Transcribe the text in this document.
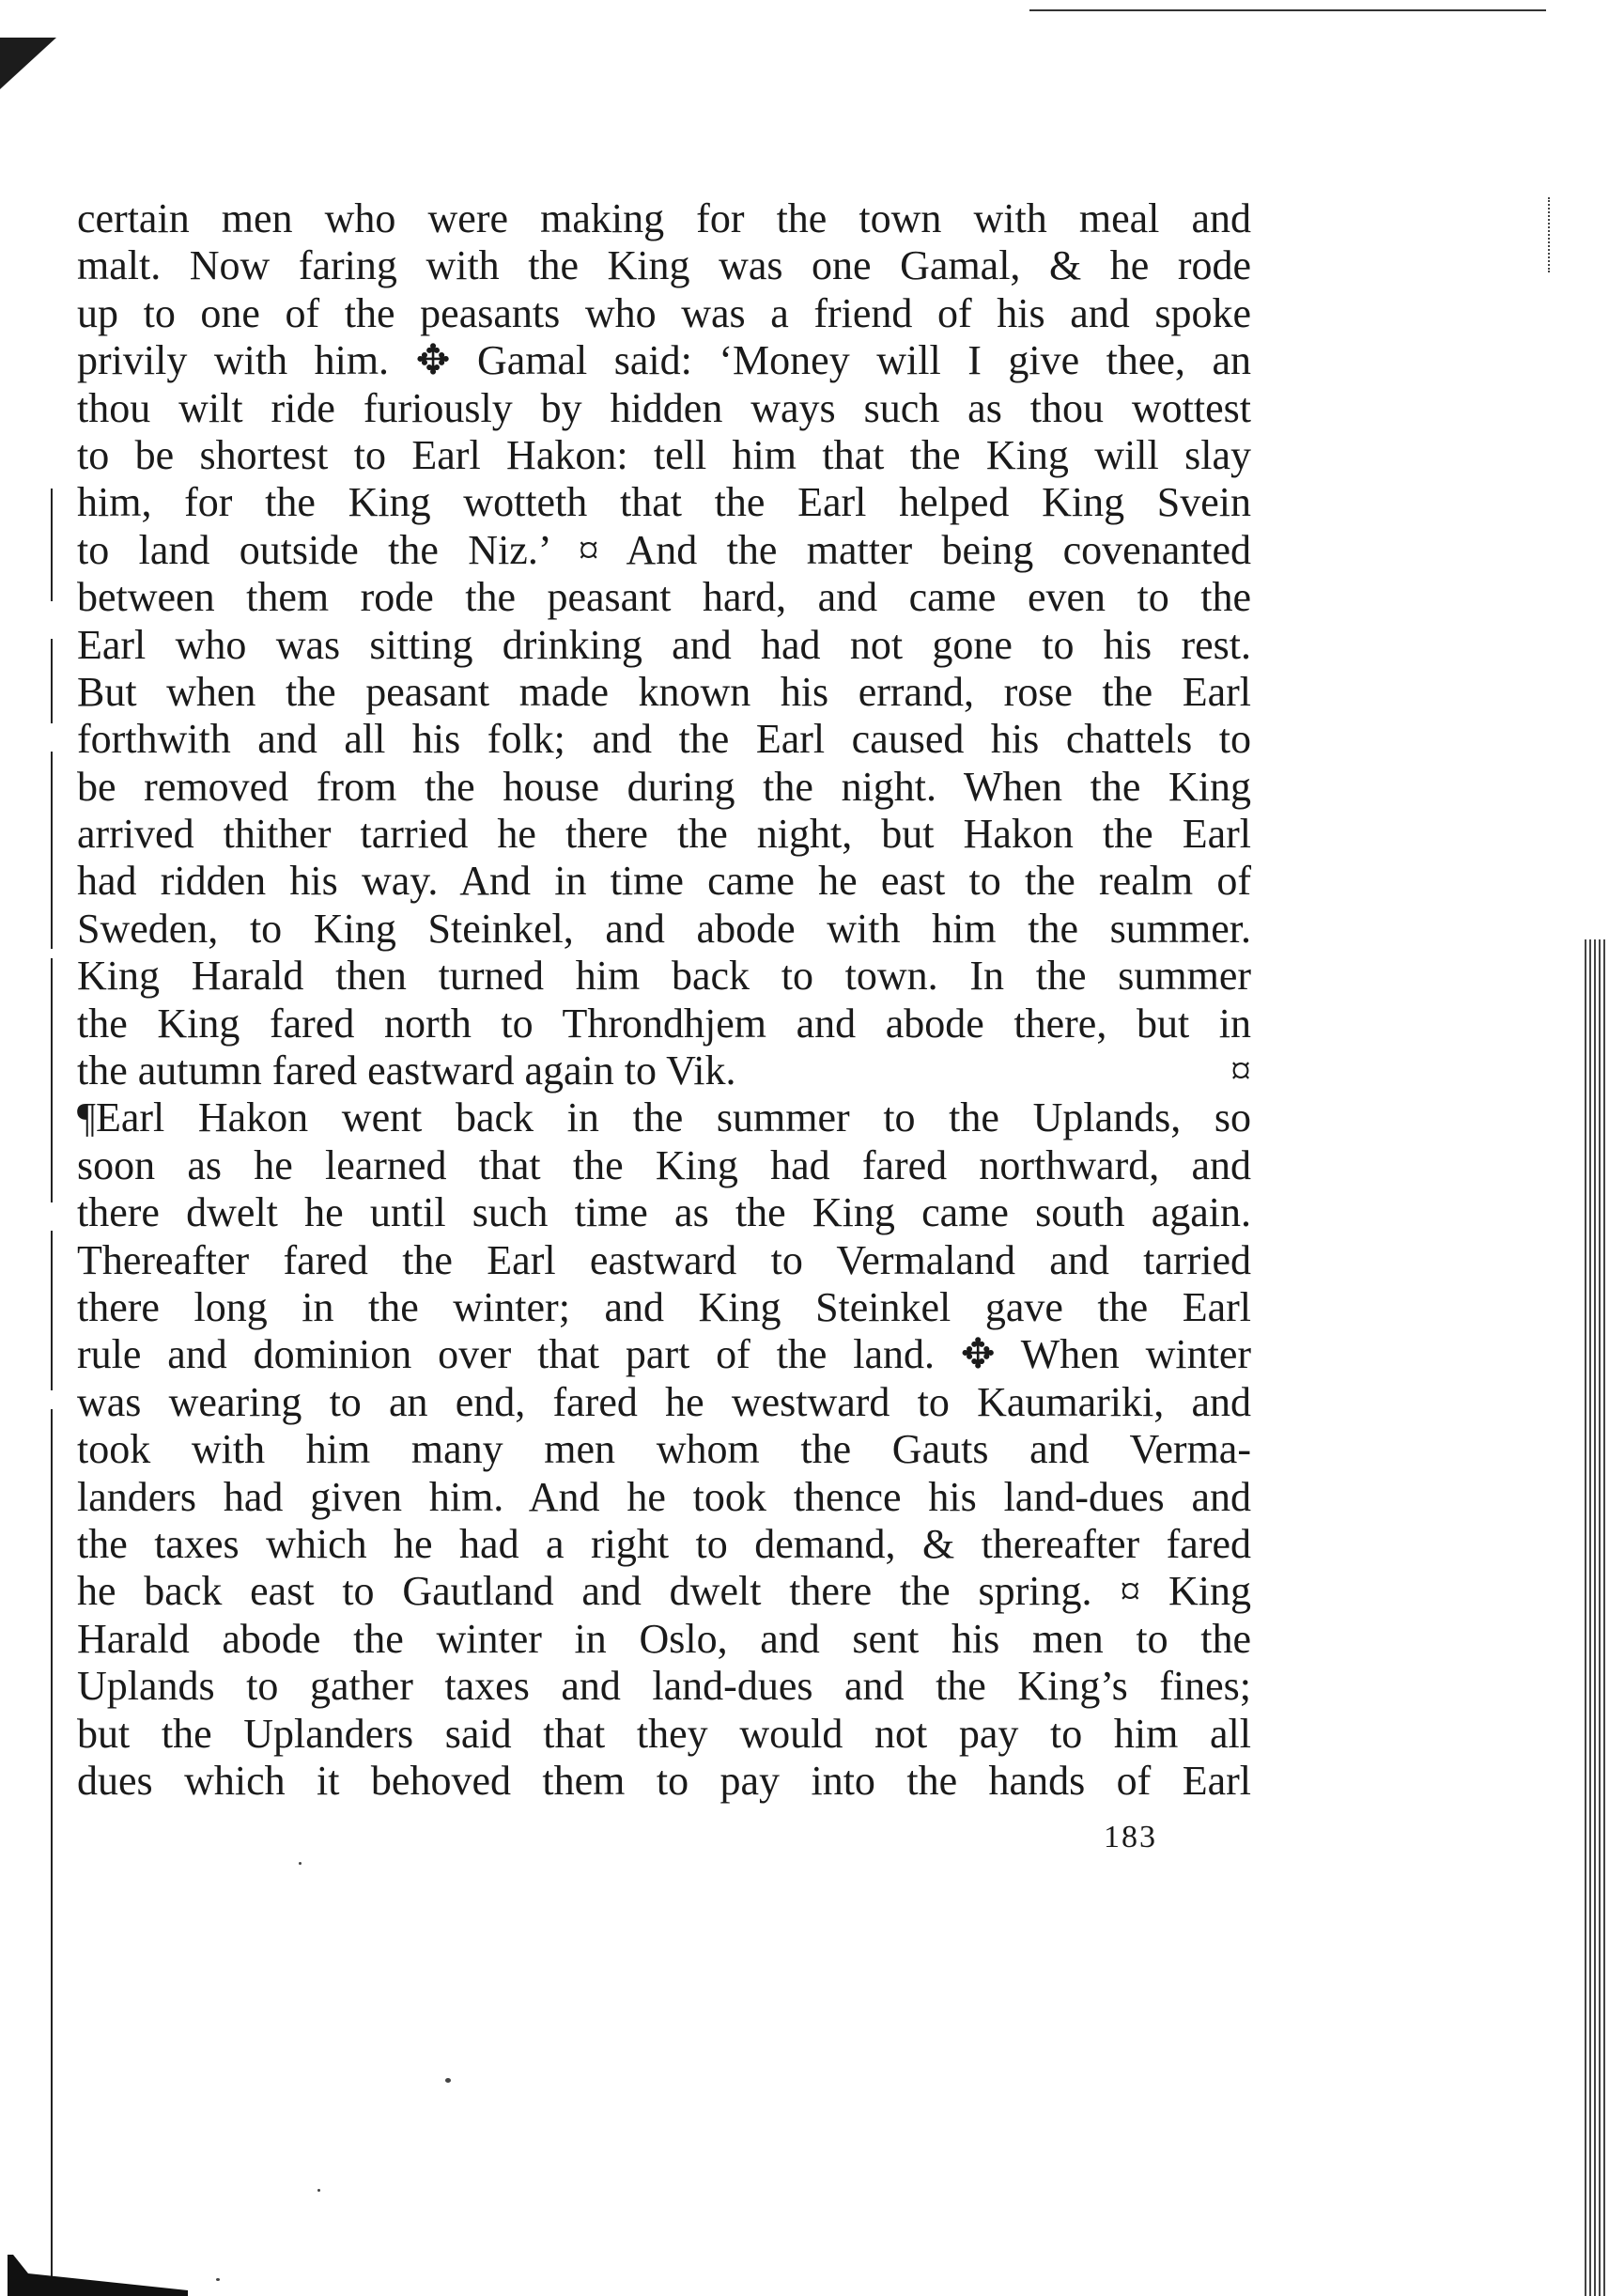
certain men who were making for the town with meal and
malt. Now faring with the King was one Gamal, & he rode
up to one of the peasants who was a friend of his and spoke
privily with him. ✥ Gamal said: ‘Money will I give thee, an
thou wilt ride furiously by hidden ways such as thou wottest
to be shortest to Earl Hakon: tell him that the King will slay
him, for the King wotteth that the Earl helped King Svein
to land outside the Niz.’ ¤ And the matter being covenanted
between them rode the peasant hard, and came even to the
Earl who was sitting drinking and had not gone to his rest.
But when the peasant made known his errand, rose the Earl
forthwith and all his folk; and the Earl caused his chattels to
be removed from the house during the night. When the King
arrived thither tarried he there the night, but Hakon the Earl
had ridden his way. And in time came he east to the realm of
Sweden, to King Steinkel, and abode with him the summer.
King Harald then turned him back to town. In the summer
the King fared north to Throndhjem and abode there, but in
the autumn fared eastward again to Vik.	¤
¶Earl Hakon went back in the summer to the Uplands, so
soon as he learned that the King had fared northward, and
there dwelt he until such time as the King came south again.
Thereafter fared the Earl eastward to Vermaland and tarried
there long in the winter; and King Steinkel gave the Earl
rule and dominion over that part of the land. ✥ When winter
was wearing to an end, fared he westward to Kaumariki, and
took with him many men whom the Gauts and Verma-
landers had given him. And he took thence his land-dues and
the taxes which he had a right to demand, & thereafter fared
he back east to Gautland and dwelt there the spring. ¤ King
Harald abode the winter in Oslo, and sent his men to the
Uplands to gather taxes and land-dues and the King’s fines;
but the Uplanders said that they would not pay to him all
dues which it behoved them to pay into the hands of Earl
183
